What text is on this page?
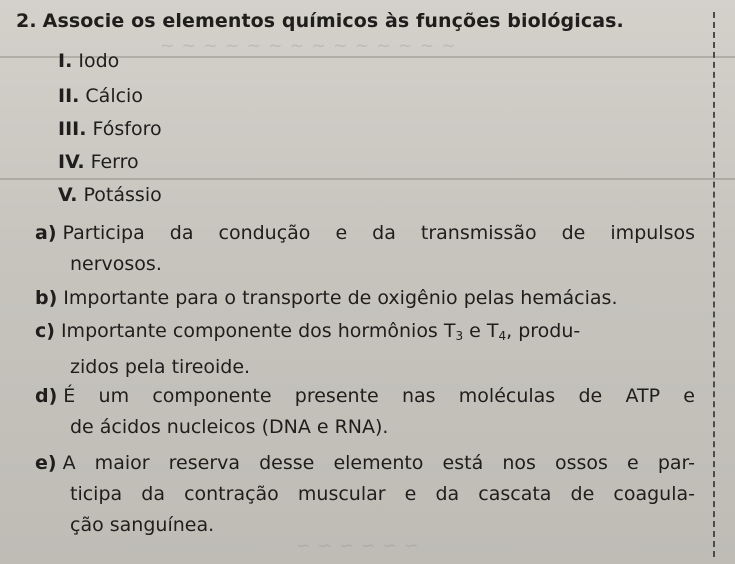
~ ~ ~ ~ ~ ~ ~ ~ ~ ~ ~ ~ ~ ~
~ ~ ~ ~ ~ ~
2. Associe os elementos químicos às funções biológicas.
I. Iodo
II. Cálcio
III. Fósforo
IV. Ferro
V. Potássio
a) Participa da condução e da transmissão de impulsos
nervosos.
b) Importante para o transporte de oxigênio pelas hemácias.
c) Importante componente dos hormônios $T_3$ e $T_4$, produ-
zidos pela tireoide.
d) É um componente presente nas moléculas de ATP e
de ácidos nucleicos (DNA e RNA).
e) A maior reserva desse elemento está nos ossos e par-
ticipa da contração muscular e da cascata de coagula-
ção sanguínea.
